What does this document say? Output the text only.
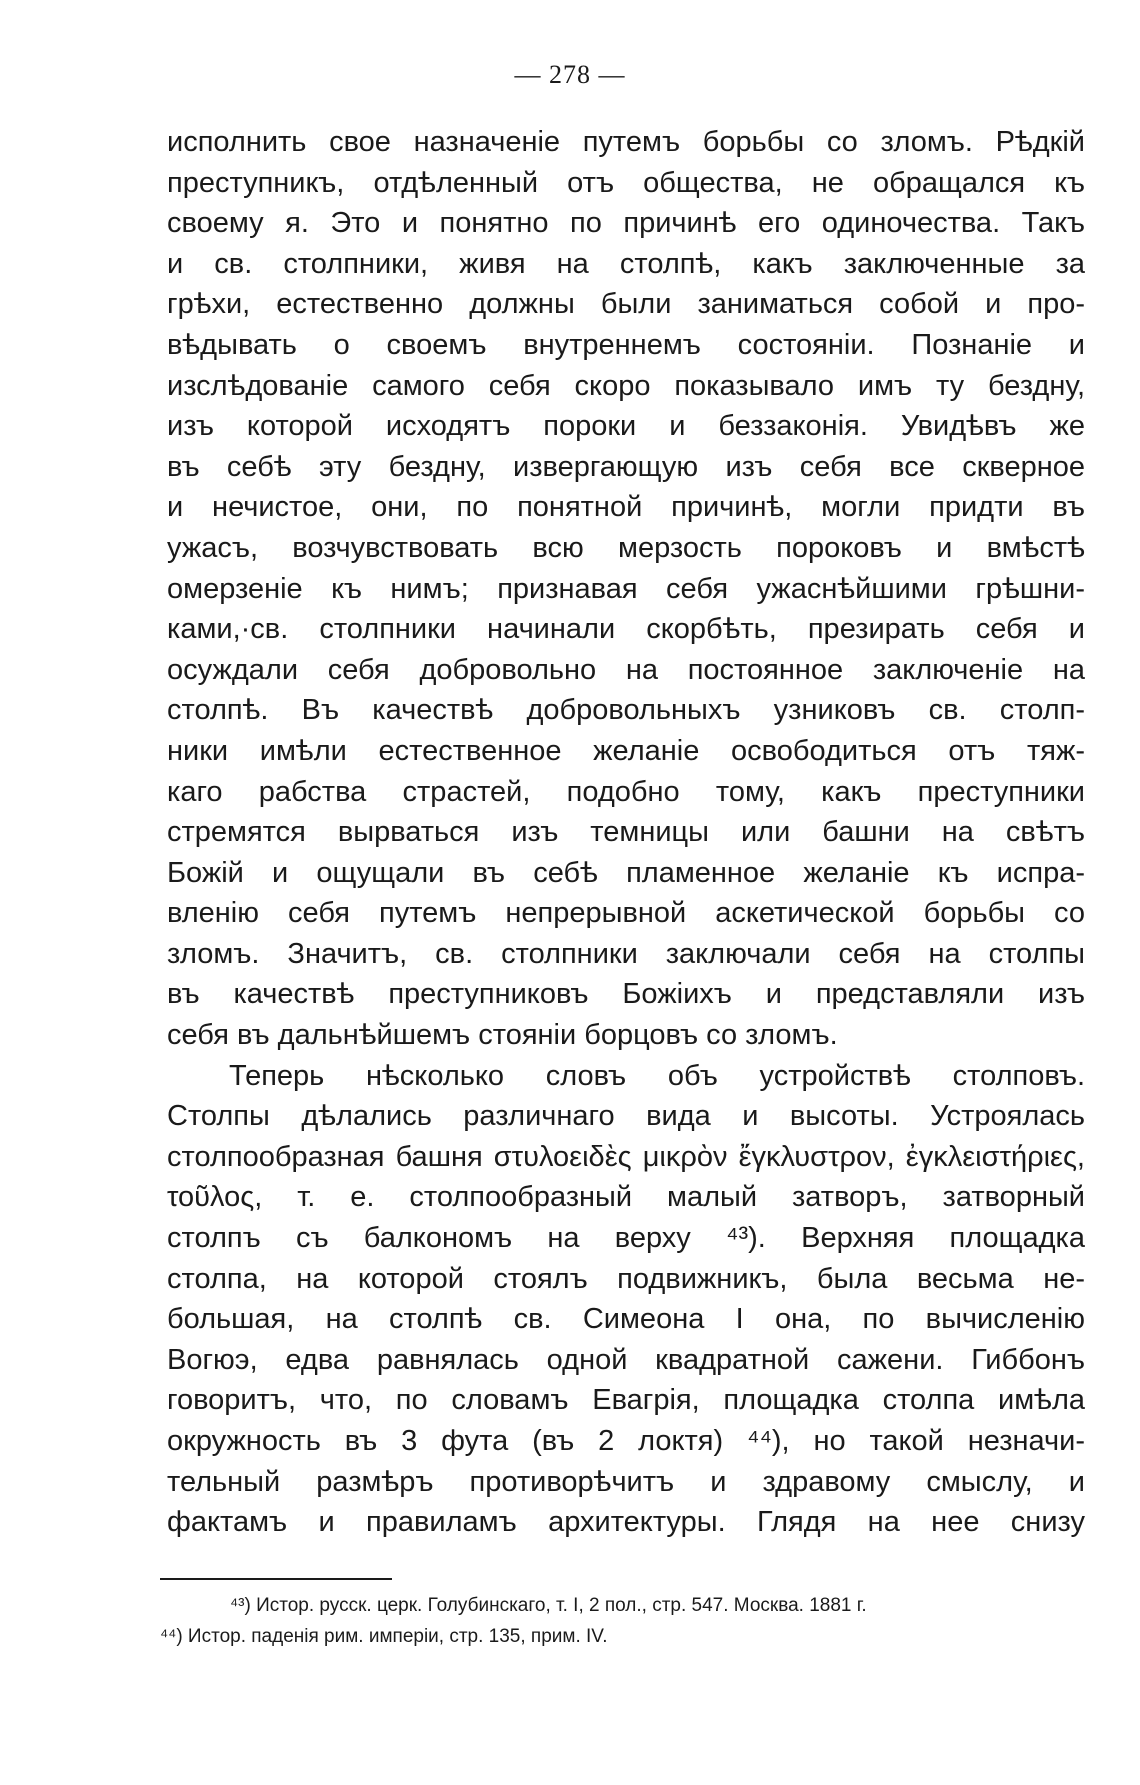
— 278 —
исполнить свое назначенiе путемъ борьбы со зломъ. Рѣдкiй
преступникъ, отдѣленный отъ общества, не обращался къ
своему я. Это и понятно по причинѣ его одиночества. Такъ
и св. столпники, живя на столпѣ, какъ заключенные за
грѣхи, естественно должны были заниматься собой и про-
вѣдывать о своемъ внутреннемъ состоянiи. Познанiе и
изслѣдованiе самого себя скоро показывало имъ ту бездну,
изъ которой исходятъ пороки и беззаконiя. Увидѣвъ же
въ себѣ эту бездну, извергающую изъ себя все скверное
и нечистое, они, по понятной причинѣ, могли придти въ
ужасъ, возчувствовать всю мерзость пороковъ и вмѣстѣ
омерзенiе къ нимъ; признавая себя ужаснѣйшими грѣшни-
ками,·св. столпники начинали скорбѣть, презирать себя и
осуждали себя добровольно на постоянное заключенiе на
столпѣ. Въ качествѣ добровольныхъ узниковъ св. столп-
ники имѣли естественное желанiе освободиться отъ тяж-
каго рабства страстей, подобно тому, какъ преступники
стремятся вырваться изъ темницы или башни на свѣтъ
Божiй и ощущали въ себѣ пламенное желанiе къ испра-
вленiю себя путемъ непрерывной аскетической борьбы со
зломъ. Значитъ, св. столпники заключали себя на столпы
въ качествѣ преступниковъ Божiихъ и представляли изъ
себя въ дальнѣйшемъ стоянiи борцовъ со зломъ.
Теперь нѣсколько словъ объ устройствѣ столповъ.
Столпы дѣлались различнаго вида и высоты. Устроялась
столпообразная башня στυλοειδὲς μικρὸν ἔγκλυστρον, ἐγκλειστήριες,
τοῦλος, т. е. столпообразный малый затворъ, затворный
столпъ съ балкономъ на верху ⁴³). Верхняя площадка
столпа, на которой стоялъ подвижникъ, была весьма не-
большая, на столпѣ св. Симеона I она, по вычисленiю
Вогюэ, едва равнялась одной квадратной сажени. Гиббонъ
говоритъ, что, по словамъ Евагрiя, площадка столпа имѣла
окружность въ 3 фута (въ 2 локтя) ⁴⁴), но такой незначи-
тельный размѣръ противорѣчитъ и здравому смыслу, и
фактамъ и правиламъ архитектуры. Глядя на нее снизу
⁴³) Истор. русск. церк. Голубинскаго, т. I, 2 пол., стр. 547. Москва. 1881 г.
⁴⁴) Истор. паденiя рим. имперiи, стр. 135, прим. IV.
